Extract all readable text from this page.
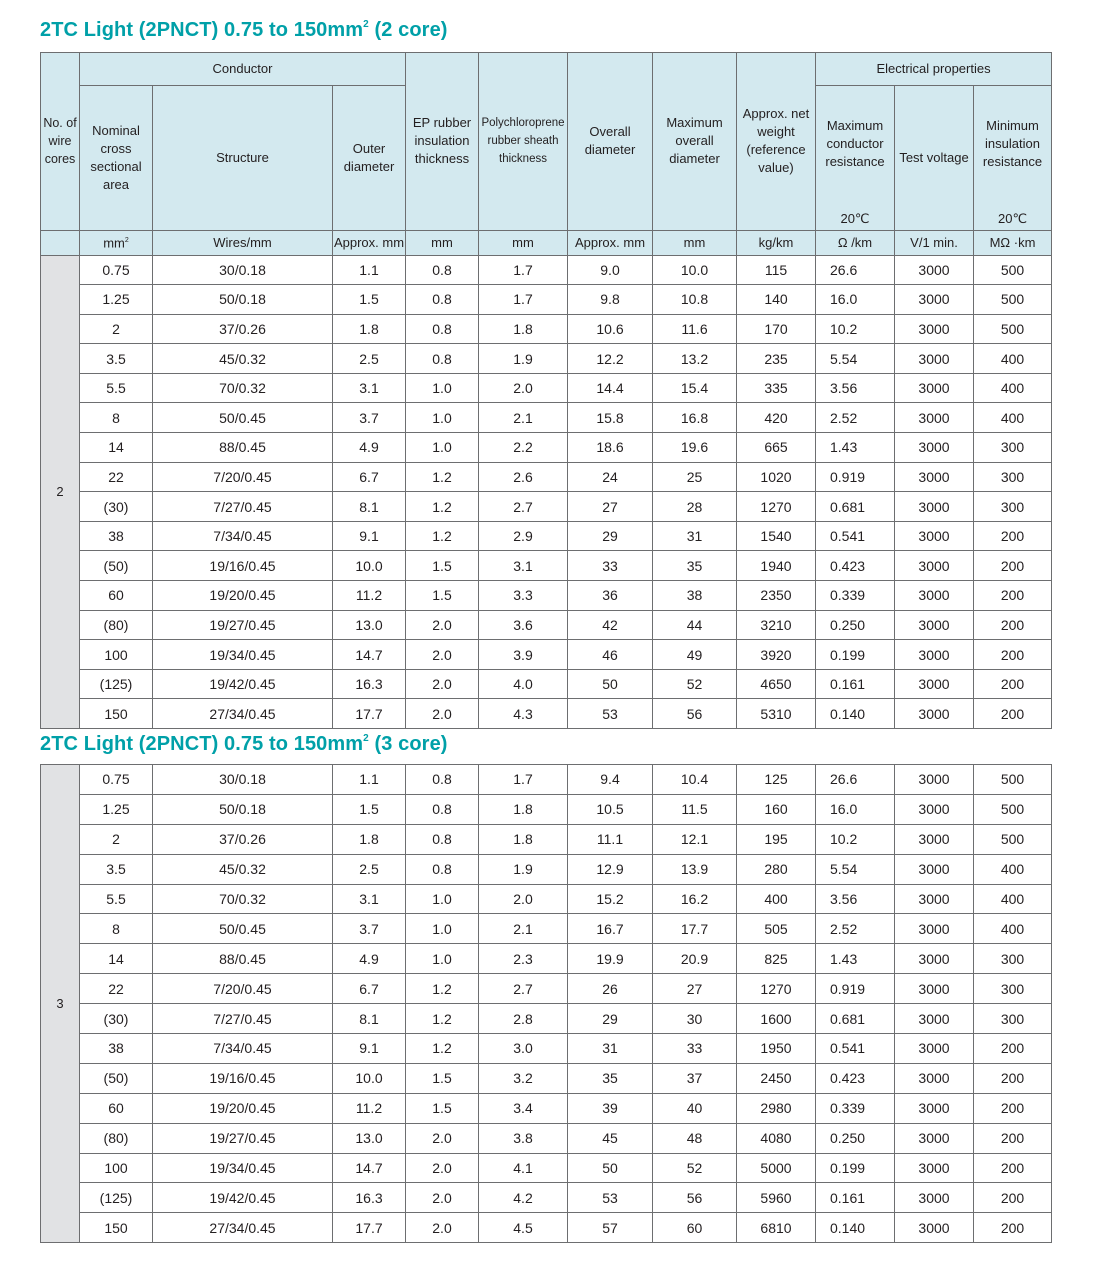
2TC Light (2PNCT) 0.75 to $150mm^2$ (2 core)
No. of wire cores	Conductor			EP rubber insulation thickness	Polychloroprene rubber sheath thickness	Overall diameter	Maximum overall diameter	Approx. net weight (reference value)	Electrical properties		
	Nominal cross sectional area	Structure	Outer diameter						Maximum conductor resistance	Test voltage	Minimum insulation resistance
									20℃		20℃
	$mm^2$	Wires/mm	Approx. mm	mm	mm	Approx. mm	mm	kg/km	Ω /km	V/1 min.	MΩ ·km
2	0.75	30/0.18	1.1	0.8	1.7	9.0	10.0	115	26.6	3000	500
	1.25	50/0.18	1.5	0.8	1.7	9.8	10.8	140	16.0	3000	500
	2	37/0.26	1.8	0.8	1.8	10.6	11.6	170	10.2	3000	500
	3.5	45/0.32	2.5	0.8	1.9	12.2	13.2	235	5.54	3000	400
	5.5	70/0.32	3.1	1.0	2.0	14.4	15.4	335	3.56	3000	400
	8	50/0.45	3.7	1.0	2.1	15.8	16.8	420	2.52	3000	400
	14	88/0.45	4.9	1.0	2.2	18.6	19.6	665	1.43	3000	300
	22	7/20/0.45	6.7	1.2	2.6	24	25	1020	0.919	3000	300
	(30)	7/27/0.45	8.1	1.2	2.7	27	28	1270	0.681	3000	300
	38	7/34/0.45	9.1	1.2	2.9	29	31	1540	0.541	3000	200
	(50)	19/16/0.45	10.0	1.5	3.1	33	35	1940	0.423	3000	200
	60	19/20/0.45	11.2	1.5	3.3	36	38	2350	0.339	3000	200
	(80)	19/27/0.45	13.0	2.0	3.6	42	44	3210	0.250	3000	200
	100	19/34/0.45	14.7	2.0	3.9	46	49	3920	0.199	3000	200
	(125)	19/42/0.45	16.3	2.0	4.0	50	52	4650	0.161	3000	200
	150	27/34/0.45	17.7	2.0	4.3	53	56	5310	0.140	3000	200
2TC Light (2PNCT) 0.75 to $150mm^2$ (3 core)
3	0.75	30/0.18	1.1	0.8	1.7	9.4	10.4	125	26.6	3000	500
	1.25	50/0.18	1.5	0.8	1.8	10.5	11.5	160	16.0	3000	500
	2	37/0.26	1.8	0.8	1.8	11.1	12.1	195	10.2	3000	500
	3.5	45/0.32	2.5	0.8	1.9	12.9	13.9	280	5.54	3000	400
	5.5	70/0.32	3.1	1.0	2.0	15.2	16.2	400	3.56	3000	400
	8	50/0.45	3.7	1.0	2.1	16.7	17.7	505	2.52	3000	400
	14	88/0.45	4.9	1.0	2.3	19.9	20.9	825	1.43	3000	300
	22	7/20/0.45	6.7	1.2	2.7	26	27	1270	0.919	3000	300
	(30)	7/27/0.45	8.1	1.2	2.8	29	30	1600	0.681	3000	300
	38	7/34/0.45	9.1	1.2	3.0	31	33	1950	0.541	3000	200
	(50)	19/16/0.45	10.0	1.5	3.2	35	37	2450	0.423	3000	200
	60	19/20/0.45	11.2	1.5	3.4	39	40	2980	0.339	3000	200
	(80)	19/27/0.45	13.0	2.0	3.8	45	48	4080	0.250	3000	200
	100	19/34/0.45	14.7	2.0	4.1	50	52	5000	0.199	3000	200
	(125)	19/42/0.45	16.3	2.0	4.2	53	56	5960	0.161	3000	200
	150	27/34/0.45	17.7	2.0	4.5	57	60	6810	0.140	3000	200
